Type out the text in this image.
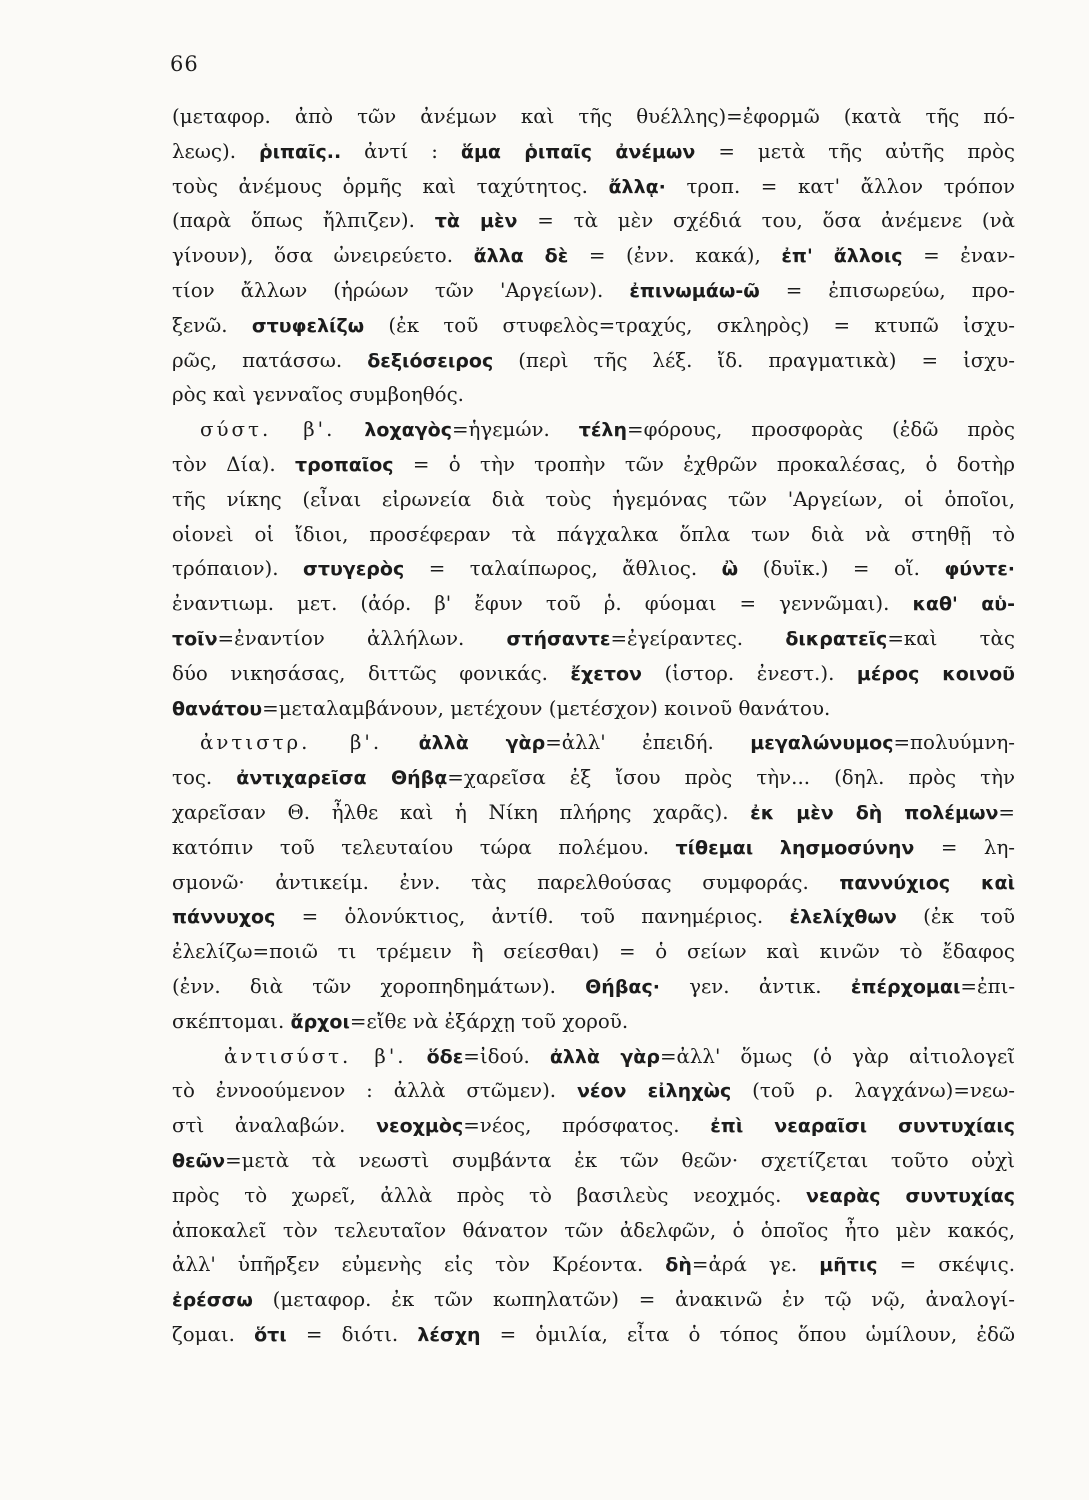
66
(μεταφορ. ἀπὸ τῶν ἀνέμων καὶ τῆς θυέλλης)=ἐφορμῶ (κατὰ τῆς πό-
λεως). ῥιπαῖς.. ἀντί : ἅμα ῥιπαῖς ἀνέμων = μετὰ τῆς αὐτῆς πρὸς
τοὺς ἀνέμους ὁρμῆς καὶ ταχύτητος. ἄλλᾳ· τροπ. = κατ' ἄλλον τρόπον
(παρὰ ὅπως ἤλπιζεν). τὰ μὲν = τὰ μὲν σχέδιά του, ὅσα ἀνέμενε (νὰ
γίνουν), ὅσα ὠνειρεύετο. ἄλλα δὲ = (ἐνν. κακά), ἐπ' ἄλλοις = ἐναν-
τίον ἄλλων (ἡρώων τῶν 'Αργείων). ἐπινωμάω-ῶ = ἐπισωρεύω, προ-
ξενῶ. στυφελίζω (ἐκ τοῦ στυφελὸς=τραχύς, σκληρὸς) = κτυπῶ ἰσχυ-
ρῶς, πατάσσω. δεξιόσειρος (περὶ τῆς λέξ. ἴδ. πραγματικὰ) = ἰσχυ-
ρὸς καὶ γενναῖος συμβοηθός.
σύστ. β'. λοχαγὸς=ἡγεμών. τέλη=φόρους, προσφορὰς (ἐδῶ πρὸς
τὸν Δία). τροπαῖος = ὁ τὴν τροπὴν τῶν ἐχθρῶν προκαλέσας, ὁ δοτὴρ
τῆς νίκης (εἶναι εἰρωνεία διὰ τοὺς ἡγεμόνας τῶν 'Αργείων, οἱ ὁποῖοι,
οἱονεὶ οἱ ἴδιοι, προσέφεραν τὰ πάγχαλκα ὅπλα των διὰ νὰ στηθῇ τὸ
τρόπαιον). στυγερὸς = ταλαίπωρος, ἄθλιος. ὢ (δυϊκ.) = οἵ. φύντε·
ἐναντιωμ. μετ. (ἀόρ. β' ἔφυν τοῦ ῥ. φύομαι = γεννῶμαι). καθ' αὑ-
τοῖν=ἐναντίον ἀλλήλων. στήσαντε=ἐγείραντες. δικρατεῖς=καὶ τὰς
δύο νικησάσας, διττῶς φονικάς. ἔχετον (ἱστορ. ἐνεστ.). μέρος κοινοῦ
θανάτου=μεταλαμβάνουν, μετέχουν (μετέσχον) κοινοῦ θανάτου.
ἀντιστρ. β'. ἀλλὰ γὰρ=ἀλλ' ἐπειδή. μεγαλώνυμος=πολυύμνη-
τος. ἀντιχαρεῖσα Θήβᾳ=χαρεῖσα ἐξ ἴσου πρὸς τὴν... (δηλ. πρὸς τὴν
χαρεῖσαν Θ. ἦλθε καὶ ἡ Νίκη πλήρης χαρᾶς). ἐκ μὲν δὴ πολέμων=
κατόπιν τοῦ τελευταίου τώρα πολέμου. τίθεμαι λησμοσύνην = λη-
σμονῶ· ἀντικείμ. ἐνν. τὰς παρελθούσας συμφοράς. παννύχιος καὶ
πάννυχος = ὁλονύκτιος, ἀντίθ. τοῦ πανημέριος. ἐλελίχθων (ἐκ τοῦ
ἐλελίζω=ποιῶ τι τρέμειν ἢ σείεσθαι) = ὁ σείων καὶ κινῶν τὸ ἔδαφος
(ἐνν. διὰ τῶν χοροπηδημάτων). Θήβας· γεν. ἀντικ. ἐπέρχομαι=ἐπι-
σκέπτομαι. ἄρχοι=εἴθε νὰ ἐξάρχῃ τοῦ χοροῦ.
ἀντισύστ. β'. ὅδε=ἰδού. ἀλλὰ γὰρ=ἀλλ' ὅμως (ὁ γὰρ αἰτιολογεῖ
τὸ ἐννοούμενον : ἀλλὰ στῶμεν). νέον εἰληχὼς (τοῦ ρ. λαγχάνω)=νεω-
στὶ ἀναλαβών. νεοχμὸς=νέος, πρόσφατος. ἐπὶ νεαραῖσι συντυχίαις
θεῶν=μετὰ τὰ νεωστὶ συμβάντα ἐκ τῶν θεῶν· σχετίζεται τοῦτο οὐχὶ
πρὸς τὸ χωρεῖ, ἀλλὰ πρὸς τὸ βασιλεὺς νεοχμός. νεαρὰς συντυχίας
ἀποκαλεῖ τὸν τελευταῖον θάνατον τῶν ἀδελφῶν, ὁ ὁποῖος ἦτο μὲν κακός,
ἀλλ' ὑπῆρξεν εὐμενὴς εἰς τὸν Κρέοντα. δὴ=ἀρά γε. μῆτις = σκέψις.
ἐρέσσω (μεταφορ. ἐκ τῶν κωπηλατῶν) = ἀνακινῶ ἐν τῷ νῷ, ἀναλογί-
ζομαι. ὅτι = διότι. λέσχη = ὁμιλία, εἶτα ὁ τόπος ὅπου ὡμίλουν, ἐδῶ
